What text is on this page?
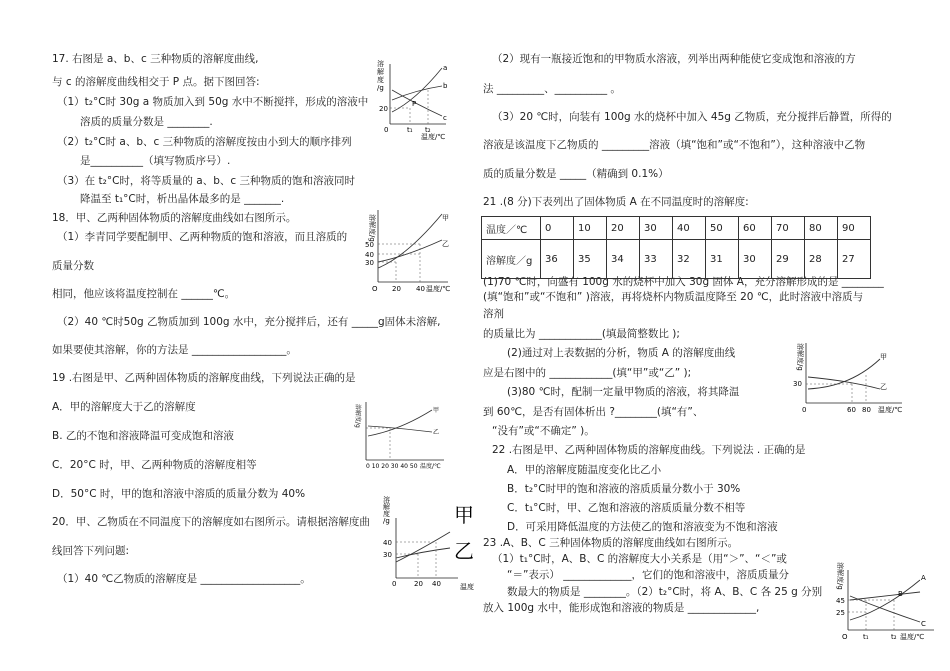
17. 右图是 a、b、c 三种物质的溶解度曲线,
与 c 的溶解度曲线相交于 P 点。据下图回答:
（1）t₂°C时 30g a 物质加入到 50g 水中不断搅拌，形成的溶液中
溶质的质量分数是 ________.
（2）t₂°C时 a、b、c 三种物质的溶解度按由小到大的顺序排列
是__________（填写物质序号）.
（3）在 t₂°C时，将等质量的 a、b、c 三种物质的饱和溶液同时
降温至 t₁°C时，析出晶体最多的是 _______.
18．甲、乙两种固体物质的溶解度曲线如右图所示。
（1）李青同学要配制甲、乙两种物质的饱和溶液，而且溶质的
质量分数
相同，他应该将温度控制在 ______℃。
（2）40 ℃时50g 乙物质加到 100g 水中，充分搅拌后，还有 _____g固体未溶解,
如果要使其溶解，你的方法是 __________________。
19 .右图是甲、乙两种固体物质的溶解度曲线，下列说法正确的是
A．甲的溶解度大于乙的溶解度
B. 乙的不饱和溶液降温可变成饱和溶液
C．20°C 时，甲、乙两种物质的溶解度相等
D．50°C 时，甲的饱和溶液中溶质的质量分数为 40%
20．甲、乙物质在不同温度下的溶解度如右图所示。请根据溶解度曲
线回答下列问题:
（1）40 ℃乙物质的溶解度是 ___________________。
（2）现有一瓶接近饱和的甲物质水溶液，列举出两种能使它变成饱和溶液的方
法 _________、__________ 。
（3）20 ℃时，向装有 100g 水的烧杯中加入 45g 乙物质，充分搅拌后静置，所得的
溶液是该温度下乙物质的 _________溶液（填“饱和”或“不饱和”），这种溶液中乙物
质的质量分数是 _____（精确到 0.1%）
21 .(8 分)下表列出了固体物质 A 在不同温度时的溶解度:
(1)70 ℃时，向盛有 100g 水的烧杯中加入 30g 固体 A，充分溶解形成的是 ________
(填“饱和”或“不饱和” )溶液，再将烧杯内物质温度降至 20 ℃，此时溶液中溶质与
溶剂
的质量比为 ____________(填最简整数比 );
(2)通过对上表数据的分析，物质 A 的溶解度曲线
应是右图中的 ____________(填“甲”或“乙” );
(3)80 ℃时，配制一定量甲物质的溶液，将其降温
到 60℃，是否有固体析出 ?________(填“有”、
“没有”或“不确定” )。
22 .右图是甲、乙两种固体物质的溶解度曲线。下列说法 . 正确的是
A．甲的溶解度随温度变化比乙小
B．t₂°C时甲的饱和溶液的溶质质量分数小于 30%
C．t₁°C时，甲、乙饱和溶液的溶质质量分数不相等
D．可采用降低温度的方法使乙的饱和溶液变为不饱和溶液
23 .A、B、C 三种固体物质的溶解度曲线如右图所示。
（1）t₁°C时，A、B、C 的溶解度大小关系是（用“＞”、“＜”或
“＝”表示） _____________，它们的饱和溶液中，溶质质量分
数最大的物质是 ________。（2）t₂°C时，将 A、B、C 各 25 g 分别
放入 100g 水中，能形成饱和溶液的物质是 _____________,
温度／℃	0	10	20	30	40	50	60	70	80	90
溶解度／g	36	35	34	33	32	31	30	29	28	27
溶
解
度
/g
20
0	t₁ t₂
温度/℃
a
b
c
P
溶解度/g
50
40
30
O 20 40 温度/℃
甲
乙
溶解度/g	甲
乙
0 10 20 30 40 50 温度/℃
溶
解
度
/g	甲
乙
40
30
0	20 40	温度
溶解度/g	甲
乙
30
0	60 80 温度/℃
溶解度/g	A
B
C
45
25
O t₁	t₂ 温度/℃
